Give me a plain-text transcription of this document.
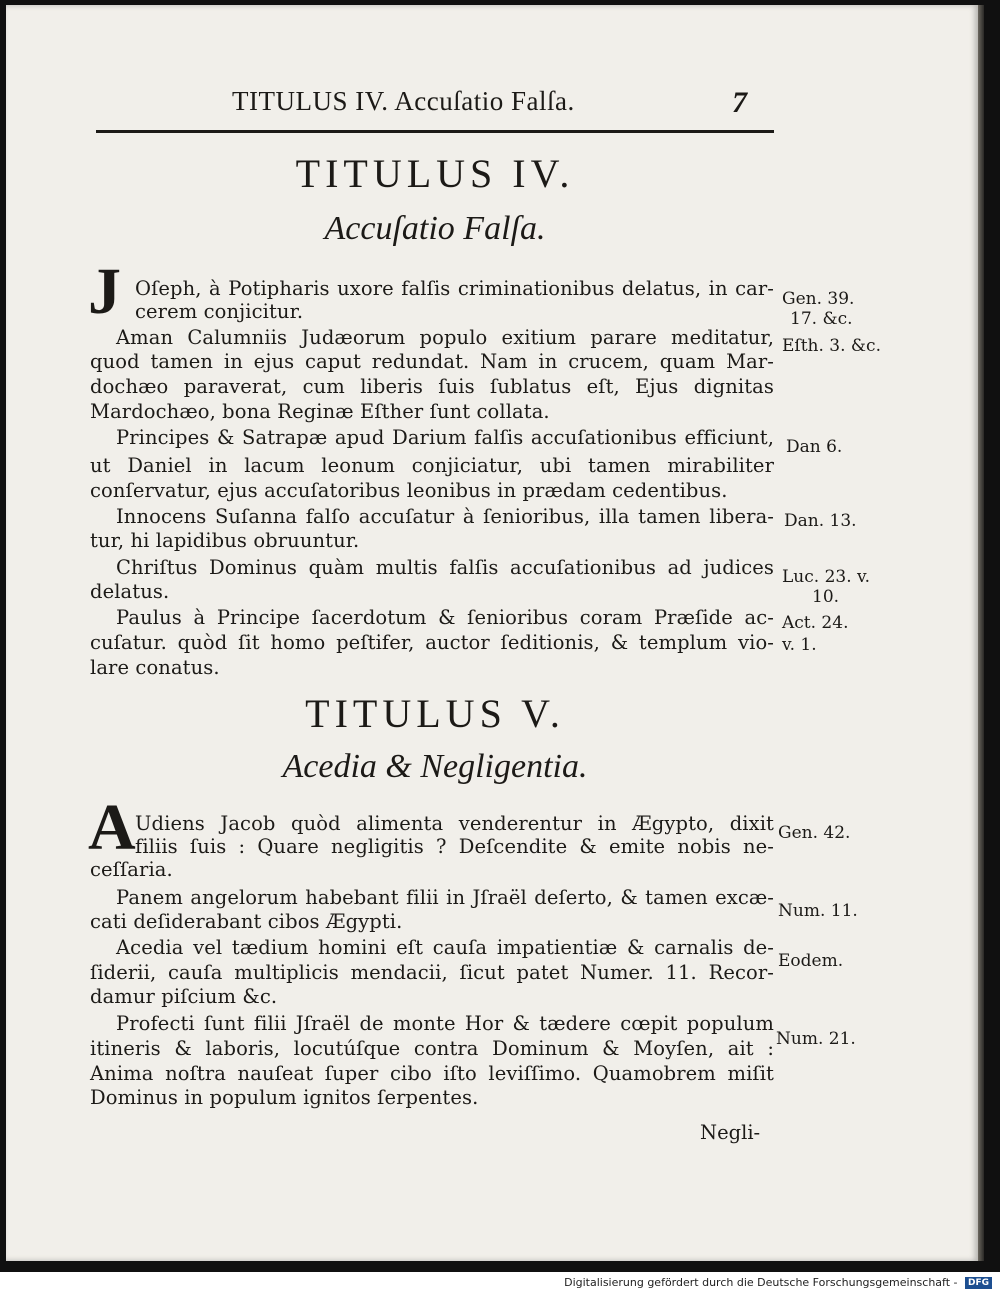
TITULUS IV. Accuſatio Falſa.	7
TITULUS IV.
Accuſatio Falſa.
J Oſeph, à Potipharis uxore falſis criminationibus delatus, in car-
cerem conjicitur.
Aman Calumniis Judæorum populo exitium parare meditatur,
quod tamen in ejus caput redundat. Nam in crucem, quam Mar-
dochæo paraverat, cum liberis ſuis ſublatus eſt, Ejus dignitas
Mardochæo, bona Reginæ Eſther ſunt collata.
Principes & Satrapæ apud Darium falſis accuſationibus efficiunt,
ut Daniel in lacum leonum conjiciatur, ubi tamen mirabiliter
conſervatur, ejus accuſatoribus leonibus in prædam cedentibus.
Innocens Suſanna falſo accuſatur à ſenioribus, illa tamen libera-
tur, hi lapidibus obruuntur.
Chriſtus Dominus quàm multis falſis accuſationibus ad judices
delatus.
Paulus à Principe ſacerdotum & ſenioribus coram Præſide ac-
cuſatur. quòd ſit homo peſtifer, auctor ſeditionis, & templum vio-
lare conatus.
Gen. 39.
17. &c.
Eſth. 3. &c.
Dan 6.
Dan. 13.
Luc. 23. v.
10.
Act. 24.
v. 1.
TITULUS V.
Acedia & Negligentia.
A Udiens Jacob quòd alimenta venderentur in Ægypto, dixit
filiis ſuis : Quare negligitis ? Deſcendite & emite nobis ne-
ceſſaria.
Panem angelorum habebant filii in Jſraël deſerto, & tamen excæ-
cati deſiderabant cibos Ægypti.
Acedia vel tædium homini eſt cauſa impatientiæ & carnalis de-
ſiderii, cauſa multiplicis mendacii, ſicut patet Numer. 11. Recor-
damur piſcium &c.
Profecti ſunt filii Jſraël de monte Hor & tædere cœpit populum
itineris & laboris, locutúſque contra Dominum & Moyſen, ait :
Anima noſtra nauſeat ſuper cibo iſto leviſſimo. Quamobrem miſit
Dominus in populum ignitos ſerpentes.
Gen. 42.
Num. 11.
Eodem.
Num. 21.
Negli-
Digitalisierung gefördert durch die Deutsche Forschungsgemeinschaft - DFG
